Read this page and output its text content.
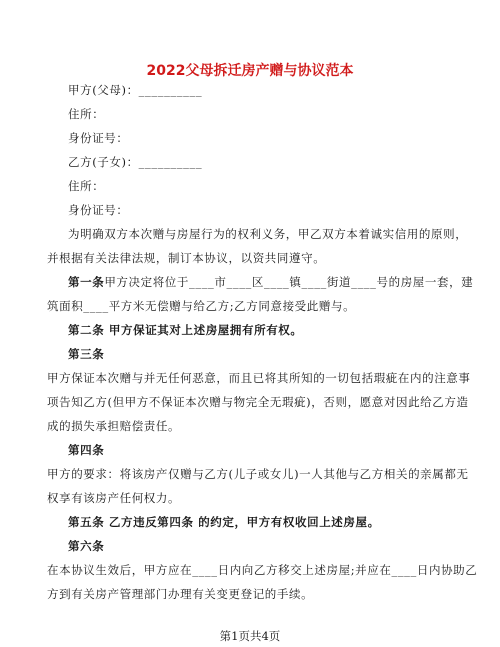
2022父母拆迁房产赠与协议范本
甲方(父母)：__________
住所：
身份证号：
乙方(子女)：__________
住所：
身份证号：
为明确双方本次赠与房屋行为的权利义务，甲乙双方本着诚实信用的原则，
并根据有关法律法规，制订本协议，以资共同遵守。
第一条甲方决定将位于____市____区____镇____街道____号的房屋一套，建
筑面积____平方米无偿赠与给乙方;乙方同意接受此赠与。
第二条 甲方保证其对上述房屋拥有所有权。
第三条
甲方保证本次赠与并无任何恶意，而且已将其所知的一切包括瑕疵在内的注意事
项告知乙方(但甲方不保证本次赠与物完全无瑕疵)，否则，愿意对因此给乙方造
成的损失承担赔偿责任。
第四条
甲方的要求：将该房产仅赠与乙方(儿子或女儿)一人其他与乙方相关的亲属都无
权享有该房产任何权力。
第五条 乙方违反第四条 的约定，甲方有权收回上述房屋。
第六条
在本协议生效后，甲方应在____日内向乙方移交上述房屋;并应在____日内协助乙
方到有关房产管理部门办理有关变更登记的手续。
第1页共4页
